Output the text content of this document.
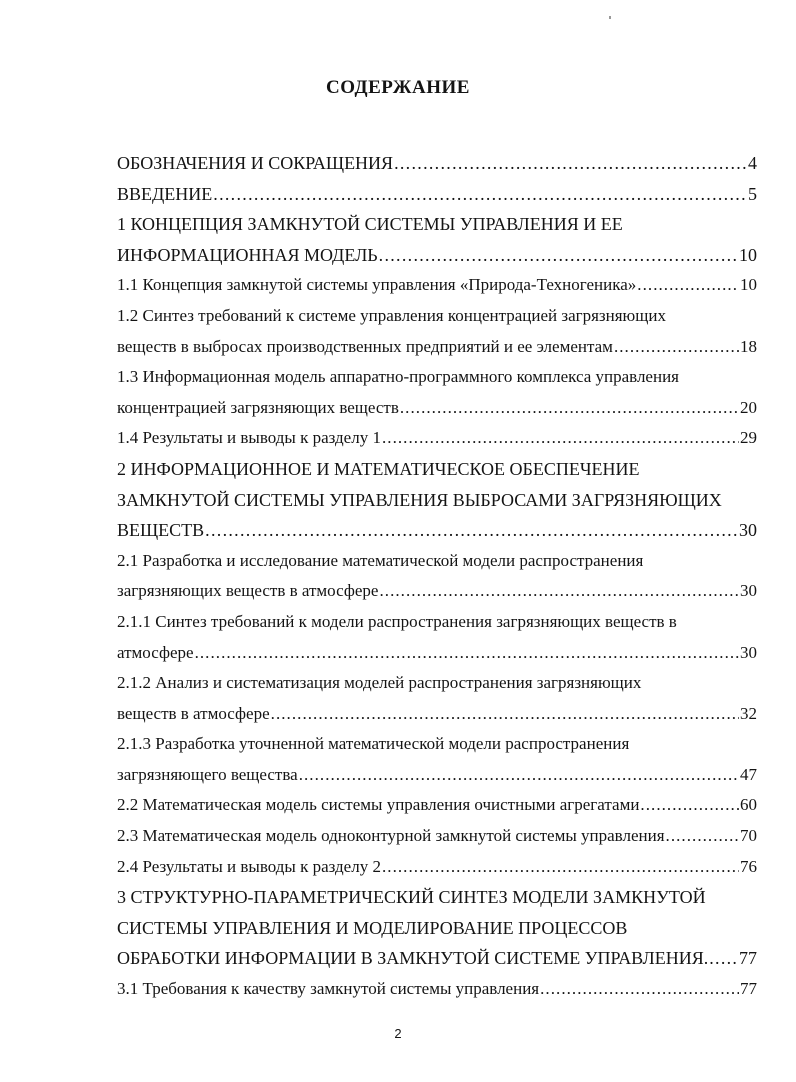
СОДЕРЖАНИЕ
ОБОЗНАЧЕНИЯ И СОКРАЩЕНИЯ . . .	4
ВВЕДЕНИЕ . . .	5
1 КОНЦЕПЦИЯ ЗАМКНУТОЙ СИСТЕМЫ УПРАВЛЕНИЯ И ЕЕ
ИНФОРМАЦИОННАЯ МОДЕЛЬ . . .	10
1.1 Концепция замкнутой системы управления «Природа-Техногеника» . . .	10
1.2 Синтез требований к системе управления концентрацией загрязняющих
веществ в выбросах производственных предприятий и ее элементам . . .	18
1.3 Информационная модель аппаратно-программного комплекса управления
концентрацией загрязняющих веществ . . .	20
1.4 Результаты и выводы к разделу 1 . . .	29
2 ИНФОРМАЦИОННОЕ И МАТЕМАТИЧЕСКОЕ ОБЕСПЕЧЕНИЕ
ЗАМКНУТОЙ СИСТЕМЫ УПРАВЛЕНИЯ ВЫБРОСАМИ ЗАГРЯЗНЯЮЩИХ
ВЕЩЕСТВ . . .	30
2.1 Разработка и исследование математической модели распространения
загрязняющих веществ в атмосфере . . .	30
2.1.1 Синтез требований к модели распространения загрязняющих веществ в
атмосфере . . .	30
2.1.2 Анализ и систематизация моделей распространения загрязняющих
веществ в атмосфере . . .	32
2.1.3 Разработка уточненной математической модели распространения
загрязняющего вещества . . .	47
2.2 Математическая модель системы управления очистными агрегатами . . .	60
2.3 Математическая модель одноконтурной замкнутой системы управления . . .	70
2.4 Результаты и выводы к разделу 2 . . .	76
3 СТРУКТУРНО-ПАРАМЕТРИЧЕСКИЙ СИНТЕЗ МОДЕЛИ ЗАМКНУТОЙ
СИСТЕМЫ УПРАВЛЕНИЯ И МОДЕЛИРОВАНИЕ ПРОЦЕССОВ
ОБРАБОТКИ ИНФОРМАЦИИ В ЗАМКНУТОЙ СИСТЕМЕ УПРАВЛЕНИЯ. . . . 77
3.1 Требования к качеству замкнутой системы управления . . .	77
2
